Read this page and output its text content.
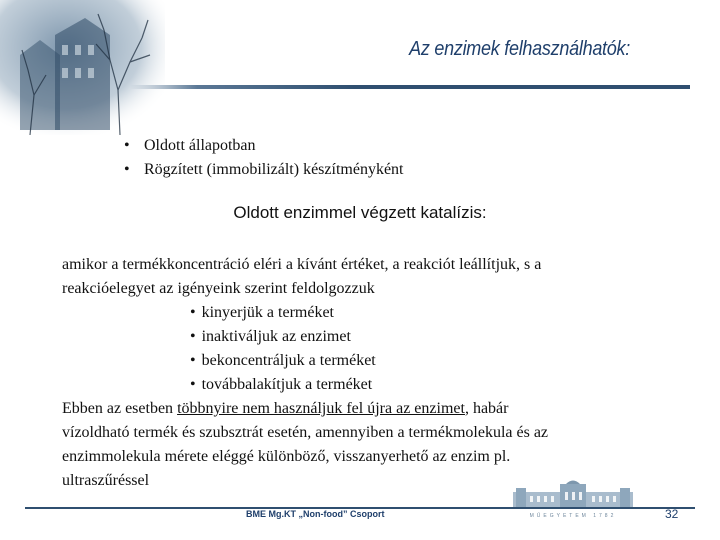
Az enzimek felhasználhatók:
• Oldott állapotban
• Rögzített (immobilizált) készítményként
Oldott enzimmel végzett katalízis:
amikor a termékkoncentráció eléri a kívánt értéket, a reakciót leállítjuk, s a
reakcióelegyet az igényeink szerint feldolgozzuk
• kinyerjük a terméket
• inaktiváljuk az enzimet
• bekoncentráljuk a terméket
• továbbalakítjuk a terméket
Ebben az esetben többnyire nem használjuk fel újra az enzimet, habár
vízoldható termék és szubsztrát esetén, amennyiben a termékmolekula és az
enzimmolekula mérete eléggé különböző, visszanyerhető az enzim pl.
ultraszűréssel
MŰEGYETEM 1782
BME Mg.KT „Non-food” Csoport	32
